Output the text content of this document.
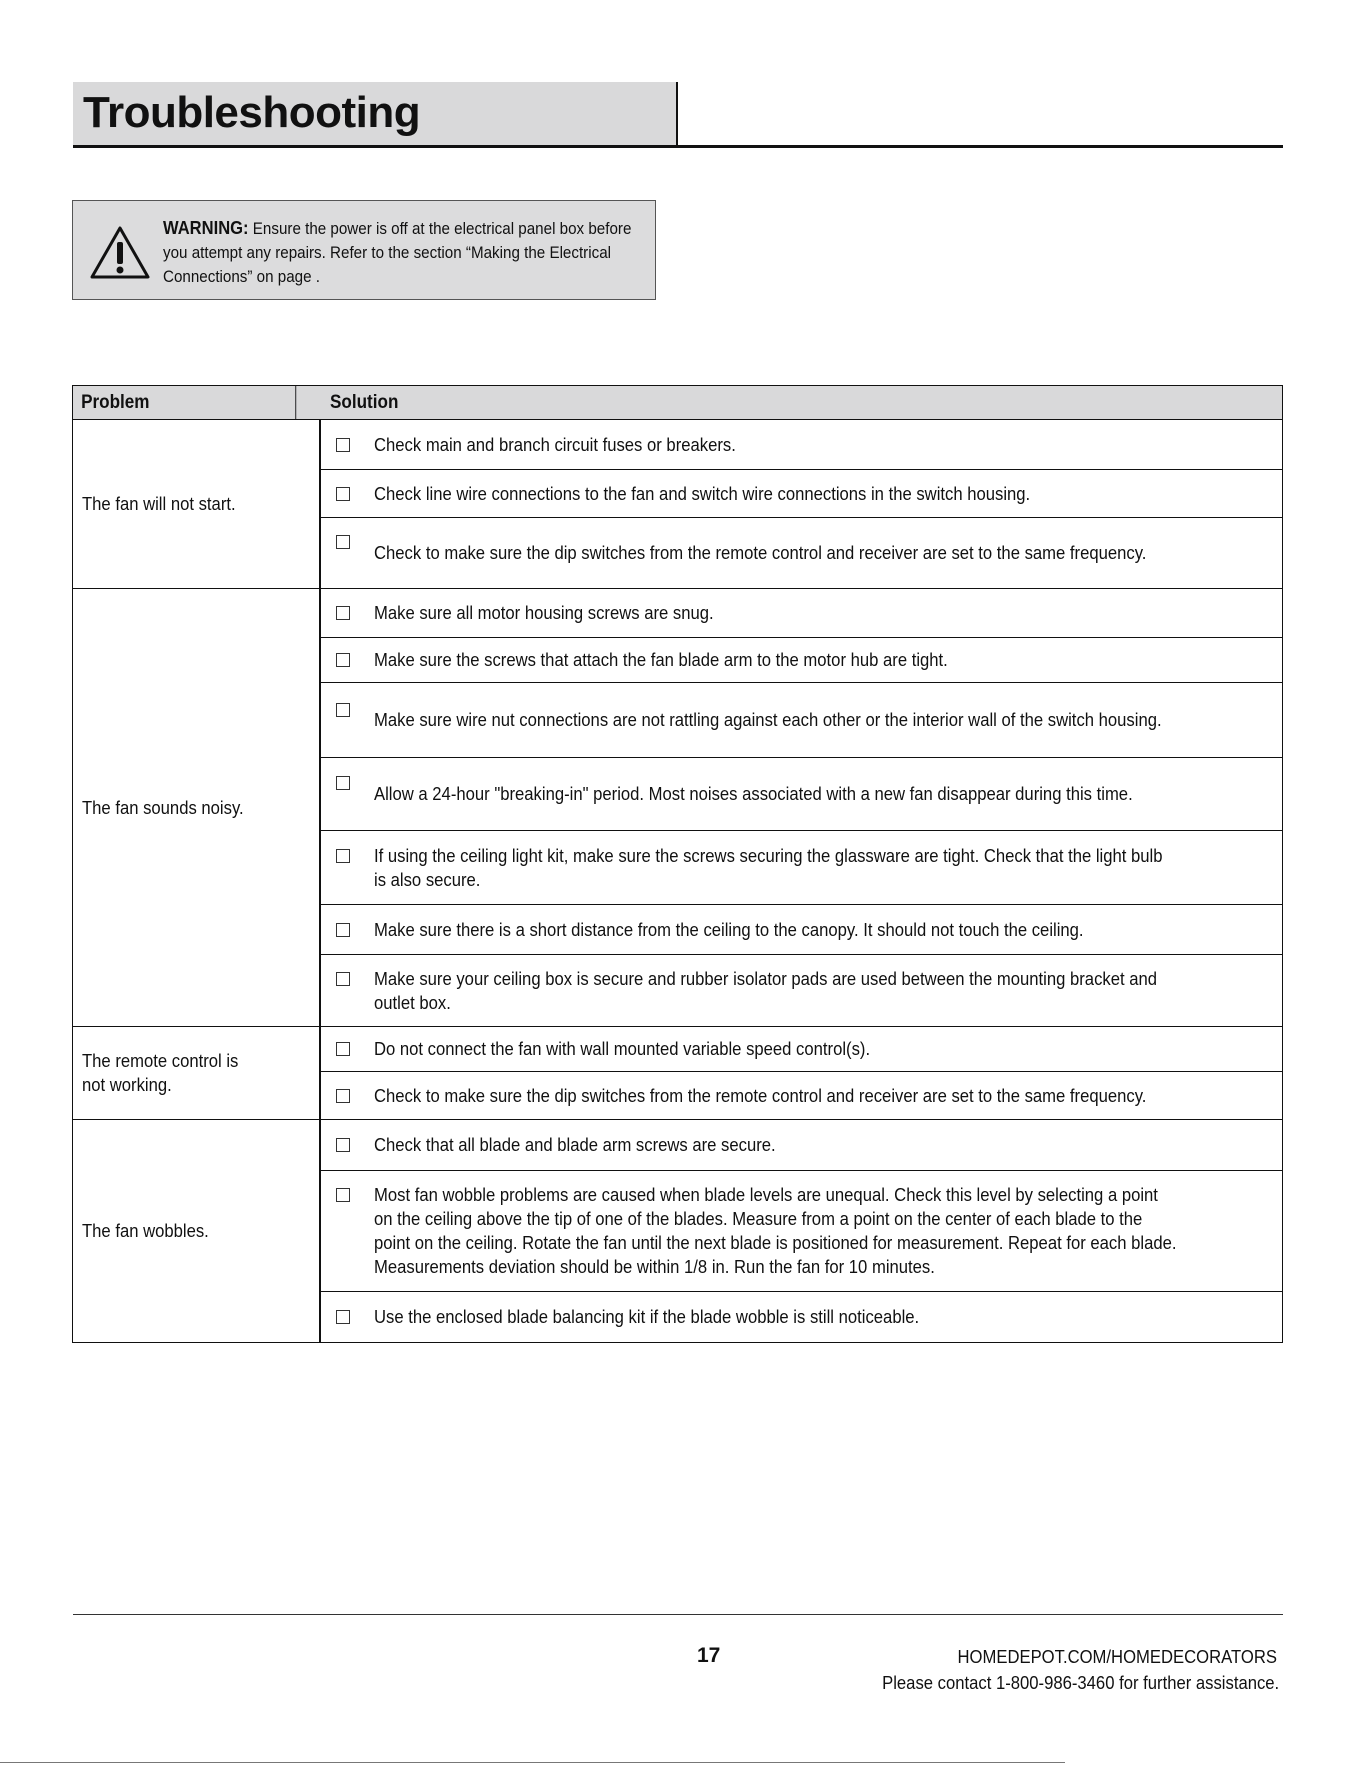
Troubleshooting
WARNING: Ensure the power is off at the electrical panel box before you attempt any repairs. Refer to the section “Making the Electrical Connections” on page .
Problem	Solution
The fan will not start.
Check main and branch circuit fuses or breakers.
Check line wire connections to the fan and switch wire connections in the switch housing.
Check to make sure the dip switches from the remote control and receiver are set to the same frequency.
The fan sounds noisy.
Make sure all motor housing screws are snug.
Make sure the screws that attach the fan blade arm to the motor hub are tight.
Make sure wire nut connections are not rattling against each other or the interior wall of the switch housing.
Allow a 24-hour "breaking-in" period. Most noises associated with a new fan disappear during this time.
If using the ceiling light kit, make sure the screws securing the glassware are tight. Check that the light bulb is also secure.
Make sure there is a short distance from the ceiling to the canopy. It should not touch the ceiling.
Make sure your ceiling box is secure and rubber isolator pads are used between the mounting bracket and outlet box.
The remote control is not working.
Do not connect the fan with wall mounted variable speed control(s).
Check to make sure the dip switches from the remote control and receiver are set to the same frequency.
The fan wobbles.
Check that all blade and blade arm screws are secure.
Most fan wobble problems are caused when blade levels are unequal. Check this level by selecting a point on the ceiling above the tip of one of the blades. Measure from a point on the center of each blade to the point on the ceiling. Rotate the fan until the next blade is positioned for measurement. Repeat for each blade. Measurements deviation should be within 1/8 in. Run the fan for 10 minutes.
Use the enclosed blade balancing kit if the blade wobble is still noticeable.
17	HOMEDEPOT.COM/HOMEDECORATORS
Please contact 1-800-986-3460 for further assistance.
